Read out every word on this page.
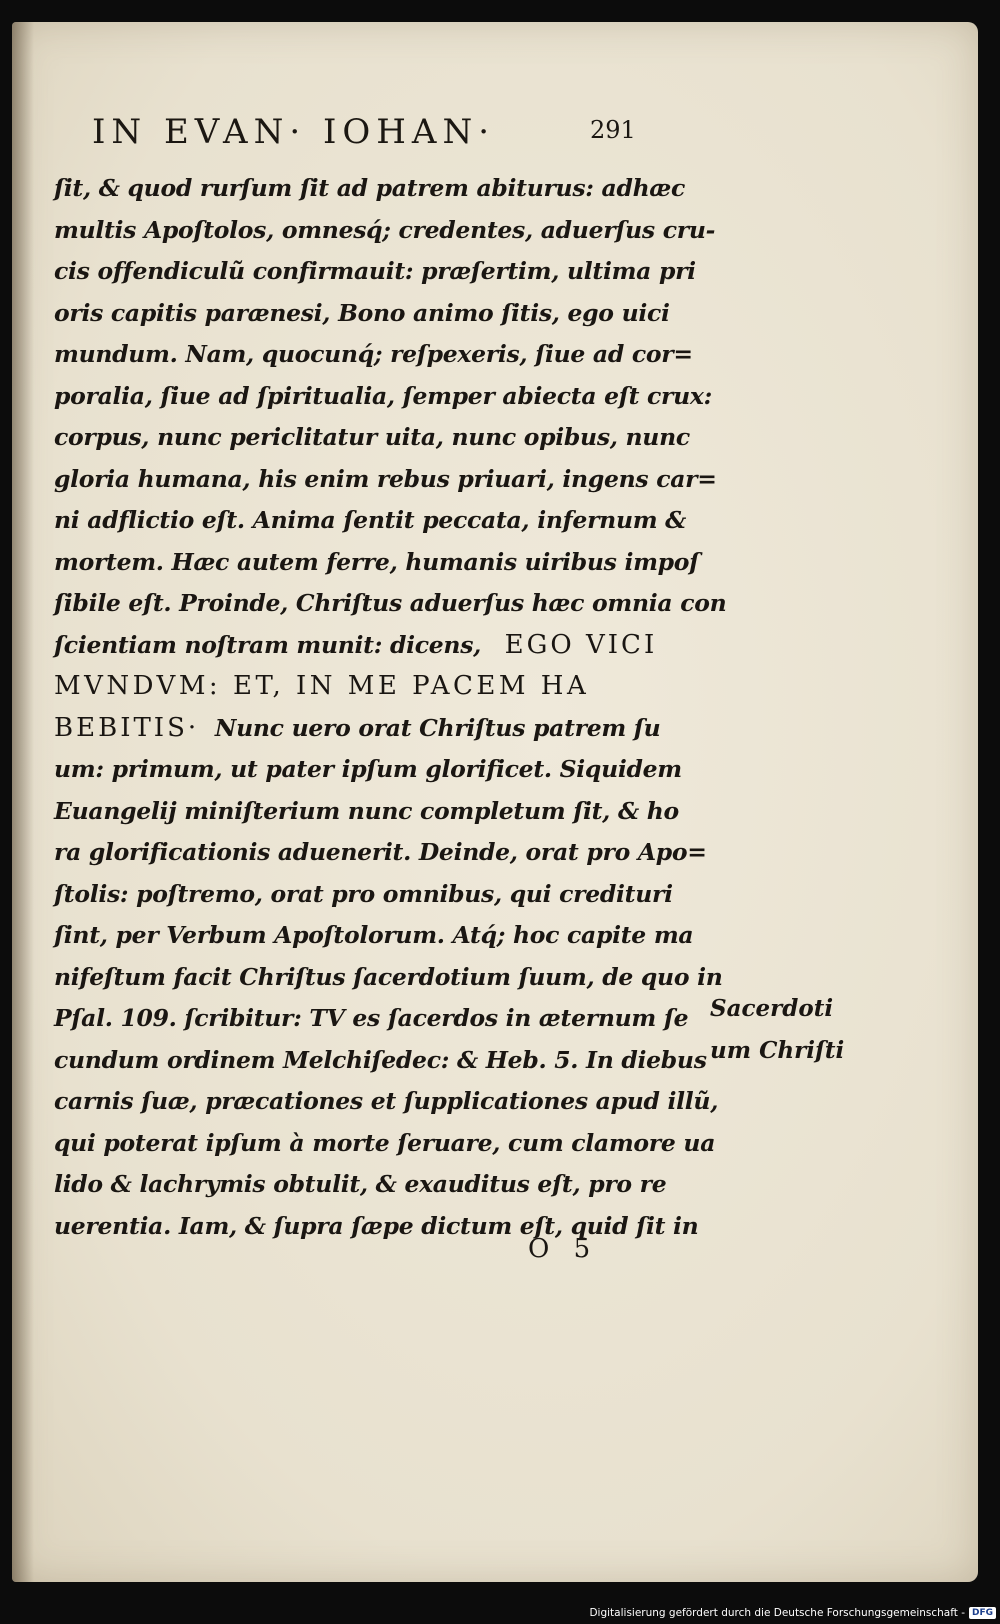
IN EVAN· IOHAN·	291
ſit, & quod rurſum ſit ad patrem abiturus: adhæc
multis Apoſtolos, omnesq́; credentes, aduerſus cru-
cis offendiculũ confirmauit: præſertim, ultima pri
oris capitis parænesi, Bono animo ſitis, ego uici
mundum. Nam, quocunq́; reſpexeris, ſiue ad cor=
poralia, ſiue ad ſpiritualia, ſemper abiecta eſt crux:
corpus, nunc periclitatur uita, nunc opibus, nunc
gloria humana, his enim rebus priuari, ingens car=
ni adflictio eſt. Anima ſentit peccata, infernum &
mortem. Hæc autem ferre, humanis uiribus impoſ
ſibile eſt. Proinde, Chriſtus aduerſus hæc omnia con
ſcientiam noſtram munit: dicens, EGO VICI
MVNDVM: ET, IN ME PACEM HA
BEBITIS· Nunc uero orat Chriſtus patrem ſu
um: primum, ut pater ipſum glorificet. Siquidem
Euangelij miniſterium nunc completum ſit, & ho
ra glorificationis aduenerit. Deinde, orat pro Apo=
ſtolis: poſtremo, orat pro omnibus, qui credituri
ſint, per Verbum Apoſtolorum. Atq́; hoc capite ma
nifeſtum facit Chriſtus ſacerdotium ſuum, de quo in
Pſal. 109. ſcribitur: TV es ſacerdos in æternum ſe
cundum ordinem Melchiſedec: & Heb. 5. In diebus
carnis ſuæ, præcationes et ſupplicationes apud illũ,
qui poterat ipſum à morte ſeruare, cum clamore ua
lido & lachrymis obtulit, & exauditus eſt, pro re
uerentia. Iam, & ſupra ſæpe dictum eſt, quid ſit in
Sacerdoti
um Chriſti
O 5
Digitalisierung gefördert durch die Deutsche Forschungsgemeinschaft - DFG
